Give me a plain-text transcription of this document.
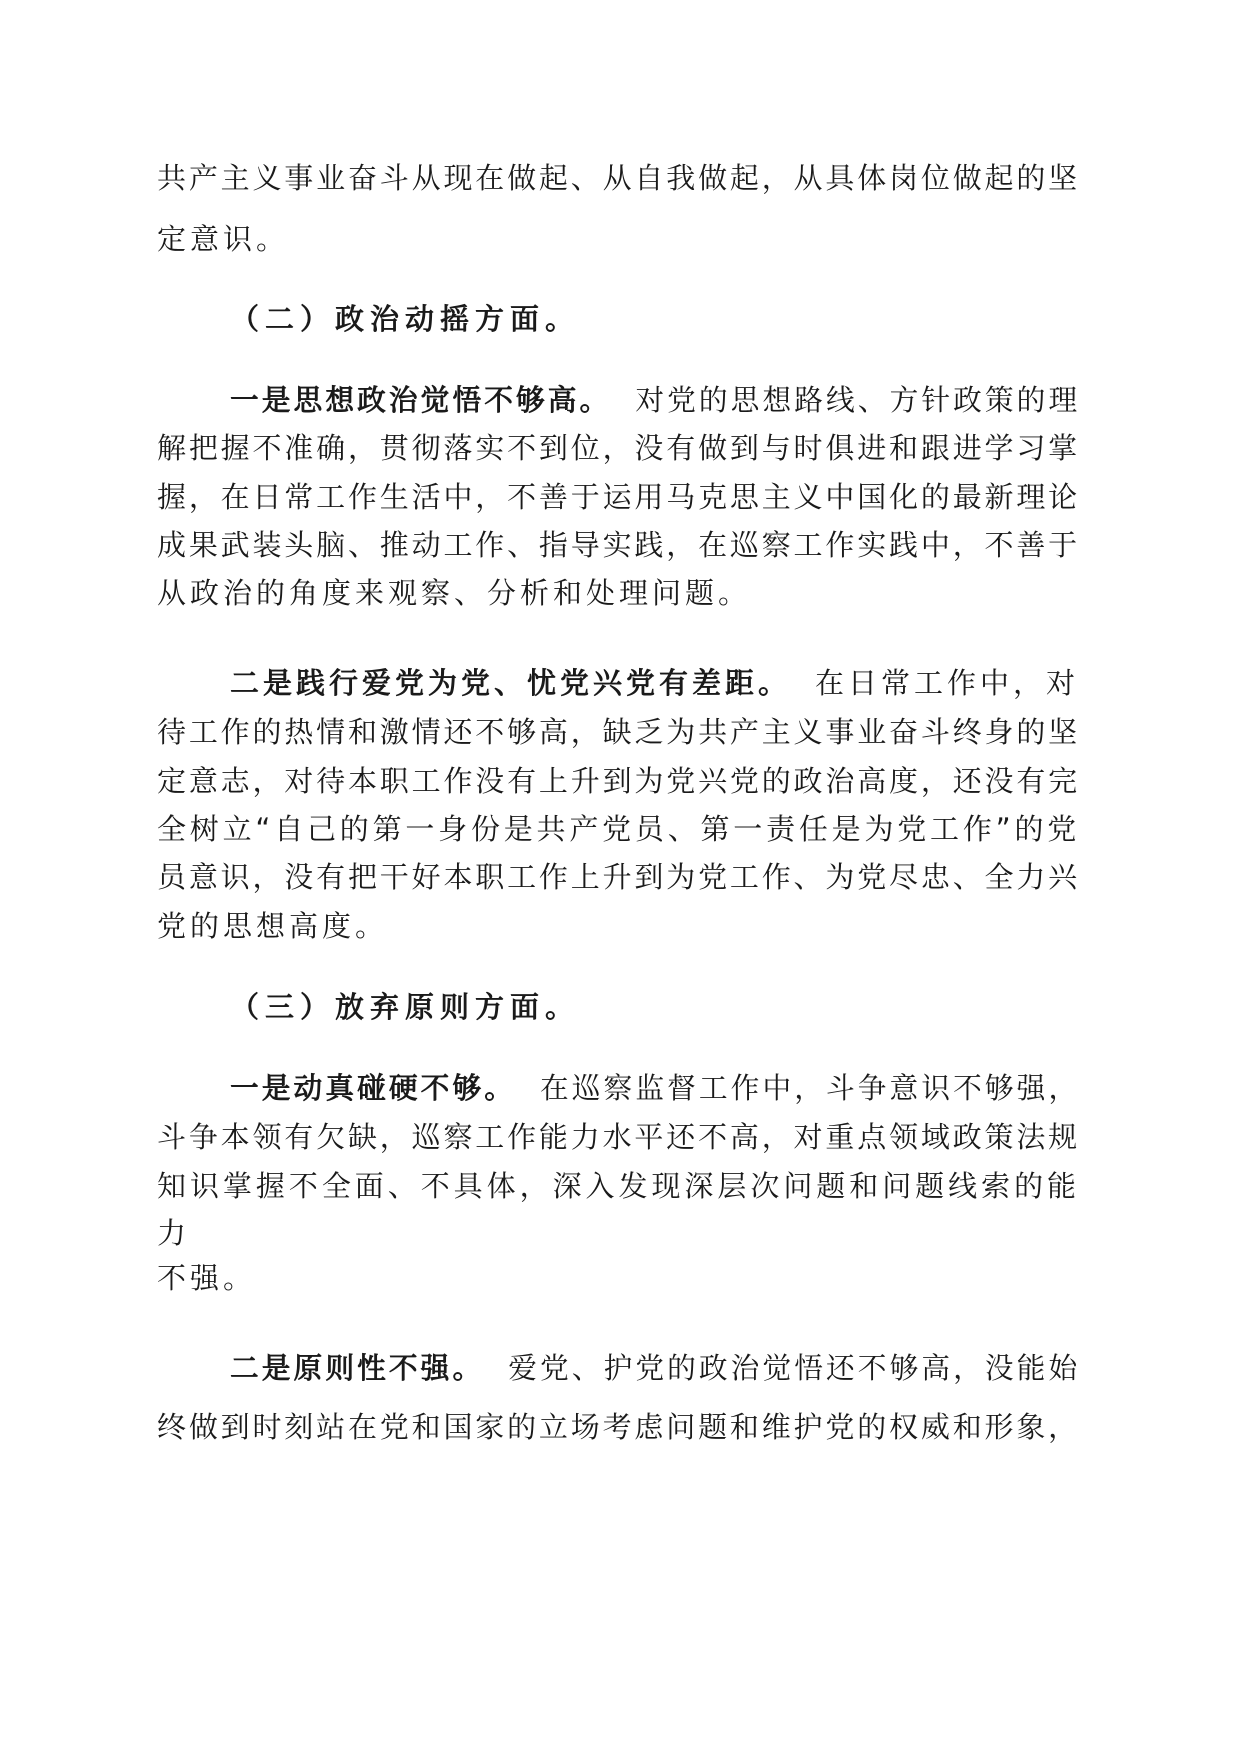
共产主义事业奋斗从现在做起、从自我做起，从具体岗位做起的坚
定意识。
（二）政治动摇方面。
一是思想政治觉悟不够高。 对党的思想路线、方针政策的理
解把握不准确，贯彻落实不到位，没有做到与时俱进和跟进学习掌
握，在日常工作生活中，不善于运用马克思主义中国化的最新理论
成果武装头脑、推动工作、指导实践，在巡察工作实践中，不善于
从政治的角度来观察、分析和处理问题。
二是践行爱党为党、忧党兴党有差距。 在日常工作中，对
待工作的热情和激情还不够高，缺乏为共产主义事业奋斗终身的坚
定意志，对待本职工作没有上升到为党兴党的政治高度，还没有完
全树立“自己的第一身份是共产党员、第一责任是为党工作”的党
员意识，没有把干好本职工作上升到为党工作、为党尽忠、全力兴
党的思想高度。
（三）放弃原则方面。
一是动真碰硬不够。 在巡察监督工作中，斗争意识不够强，
斗争本领有欠缺，巡察工作能力水平还不高，对重点领域政策法规
知识掌握不全面、不具体，深入发现深层次问题和问题线索的能
力
不强。
二是原则性不强。 爱党、护党的政治觉悟还不够高，没能始
终做到时刻站在党和国家的立场考虑问题和维护党的权威和形象，
